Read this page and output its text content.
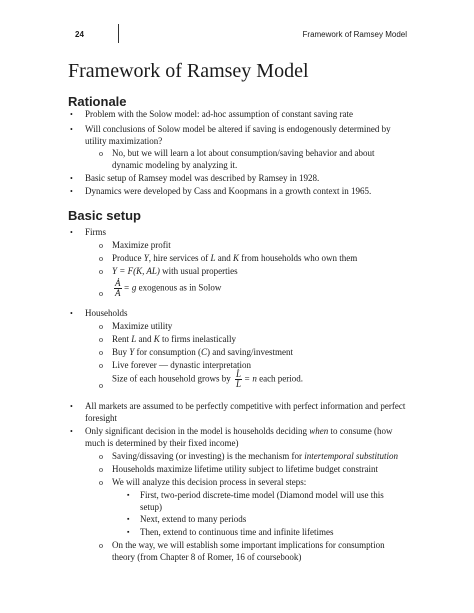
24	Framework of Ramsey Model
Framework of Ramsey Model
Rationale
• Problem with the Solow model: ad-hoc assumption of constant saving rate
• Will conclusions of Solow model be altered if saving is endogenously determined by
utility maximization?
o No, but we will learn a lot about consumption/saving behavior and about
dynamic modeling by analyzing it.
• Basic setup of Ramsey model was described by Ramsey in 1928.
• Dynamics were developed by Cass and Koopmans in a growth context in 1965.
Basic setup
• Firms
o Maximize profit
o Produce Y, hire services of L and K from households who own them
o Y = F(K, AL) with usual properties
o $\frac{Ȧ}{A} = g$ exogenous as in Solow
• Households
o Maximize utility
o Rent L and K to firms inelastically
o Buy Y for consumption (C) and saving/investment
o Live forever — dynastic interpretation
o
Size of each household grows by $\frac{L̇}{L} = n$ each period.
• All markets are assumed to be perfectly competitive with perfect information and perfect
foresight
• Only significant decision in the model is households deciding when to consume (how
much is determined by their fixed income)
o Saving/dissaving (or investing) is the mechanism for intertemporal substitution
o Households maximize lifetime utility subject to lifetime budget constraint
o We will analyze this decision process in several steps:
▪ First, two-period discrete-time model (Diamond model will use this
setup)
▪ Next, extend to many periods
▪ Then, extend to continuous time and infinite lifetimes
o On the way, we will establish some important implications for consumption
theory (from Chapter 8 of Romer, 16 of coursebook)
